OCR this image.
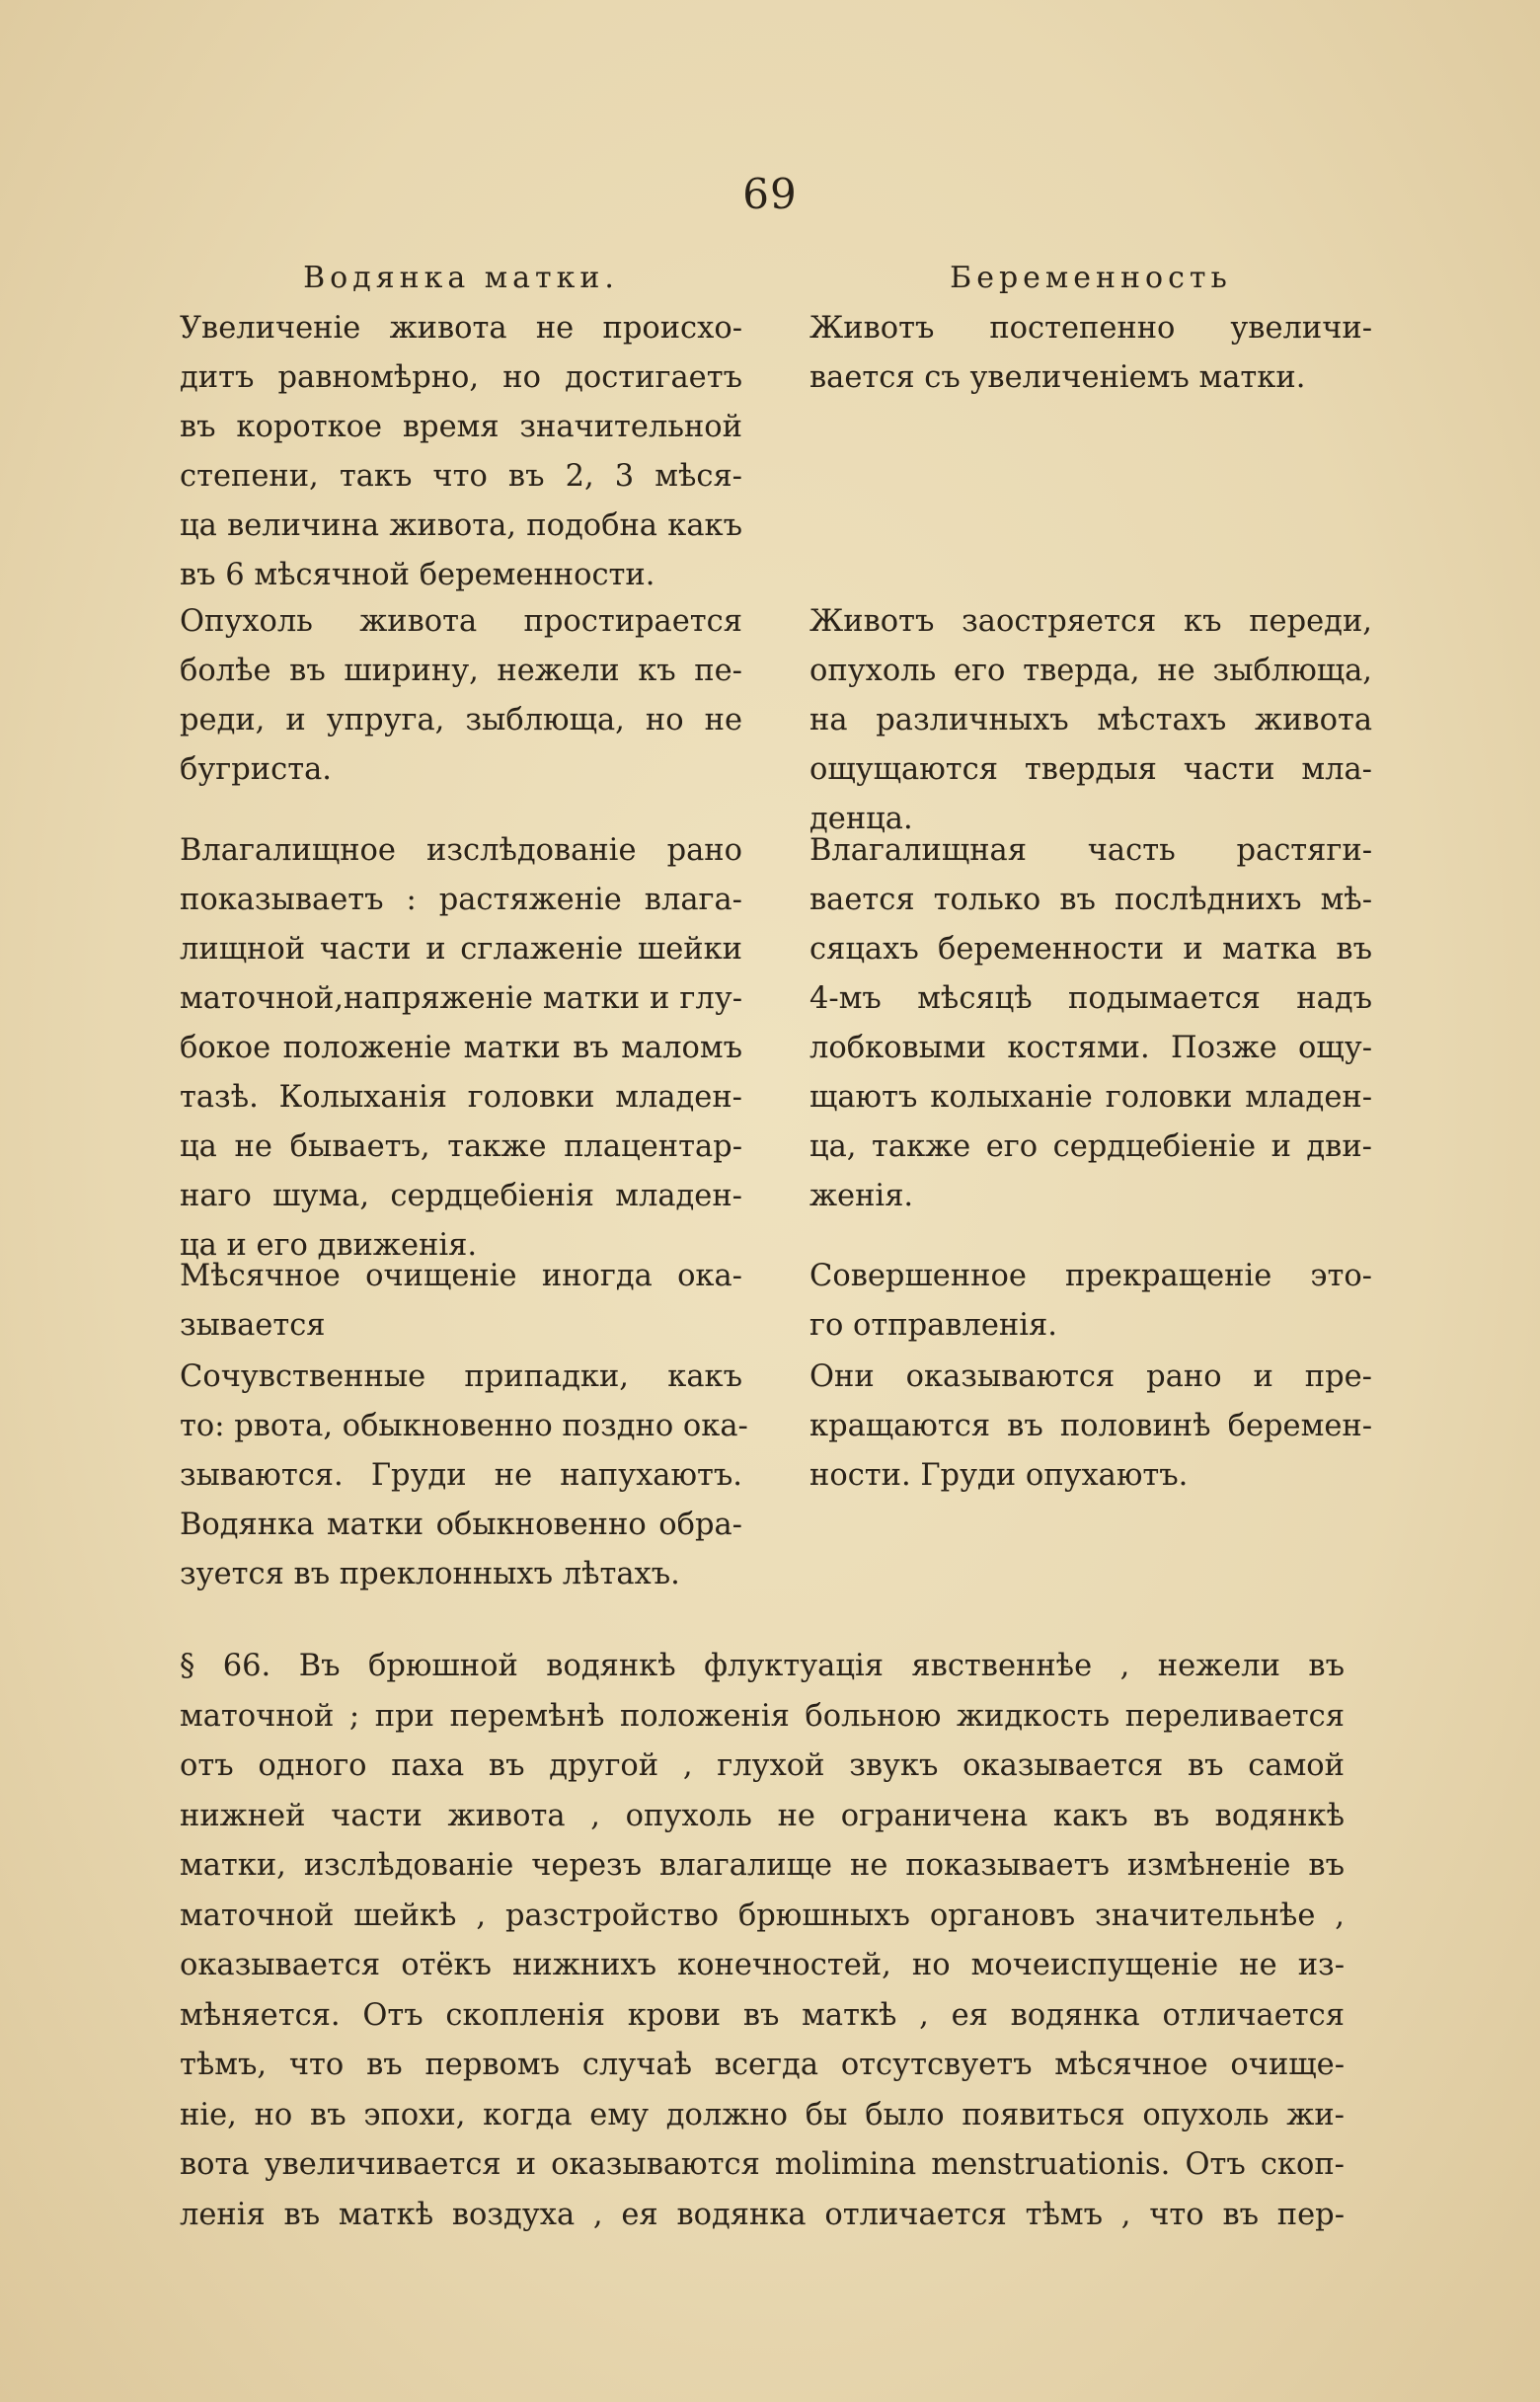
69
Водянка матки.	Беременность
Увеличеніе живота не происхо-
дитъ равномѣрно, но достигаетъ
въ короткое время значительной
степени, такъ что въ 2, 3 мѣся-
ца величина живота, подобна какъ
въ 6 мѣсячной беременности.
Опухоль живота простирается
болѣе въ ширину, нежели къ пе-
реди, и упруга, зыблюща, но не
бугриста.
Влагалищное изслѣдованіе рано
показываетъ : растяженіе влага-
лищной части и сглаженіе шейки
маточной,напряженіе матки и глу-
бокое положеніе матки въ маломъ
тазѣ. Колыханія головки младен-
ца не бываетъ, также плацентар-
наго шума, сердцебіенія младен-
ца и его движенія.
Мѣсячное очищеніе иногда ока-
зывается
Сочувственные припадки, какъ
то: рвота, обыкновенно поздно ока-
зываются. Груди не напухаютъ.
Водянка матки обыкновенно обра-
зуется въ преклонныхъ лѣтахъ.
Животъ постепенно увеличи-
вается съ увеличеніемъ матки.
Животъ заостряется къ переди,
опухоль его тверда, не зыблюща,
на различныхъ мѣстахъ живота
ощущаются твердыя части мла-
денца.
Влагалищная часть растяги-
вается только въ послѣднихъ мѣ-
сяцахъ беременности и матка въ
4-мъ мѣсяцѣ подымается надъ
лобковыми костями. Позже ощу-
щаютъ колыханіе головки младен-
ца, также его сердцебіеніе и дви-
женія.
Совершенное прекращеніе это-
го отправленія.
Они оказываются рано и пре-
кращаются въ половинѣ беремен-
ности. Груди опухаютъ.
§ 66. Въ брюшной водянкѣ флуктуація явственнѣе , нежели въ
маточной ; при перемѣнѣ положенія больною жидкость переливается
отъ одного паха въ другой , глухой звукъ оказывается въ самой
нижней части живота , опухоль не ограничена какъ въ водянкѣ
матки, изслѣдованіе черезъ влагалище не показываетъ измѣненіе въ
маточной шейкѣ , разстройство брюшныхъ органовъ значительнѣе ,
оказывается отёкъ нижнихъ конечностей, но мочеиспущеніе не из-
мѣняется. Отъ скопленія крови въ маткѣ , ея водянка отличается
тѣмъ, что въ первомъ случаѣ всегда отсутсвуетъ мѣсячное очище-
ніе, но въ эпохи, когда ему должно бы было появиться опухоль жи-
вота увеличивается и оказываются molimina menstruationis. Отъ скоп-
ленія въ маткѣ воздуха , ея водянка отличается тѣмъ , что въ пер-
